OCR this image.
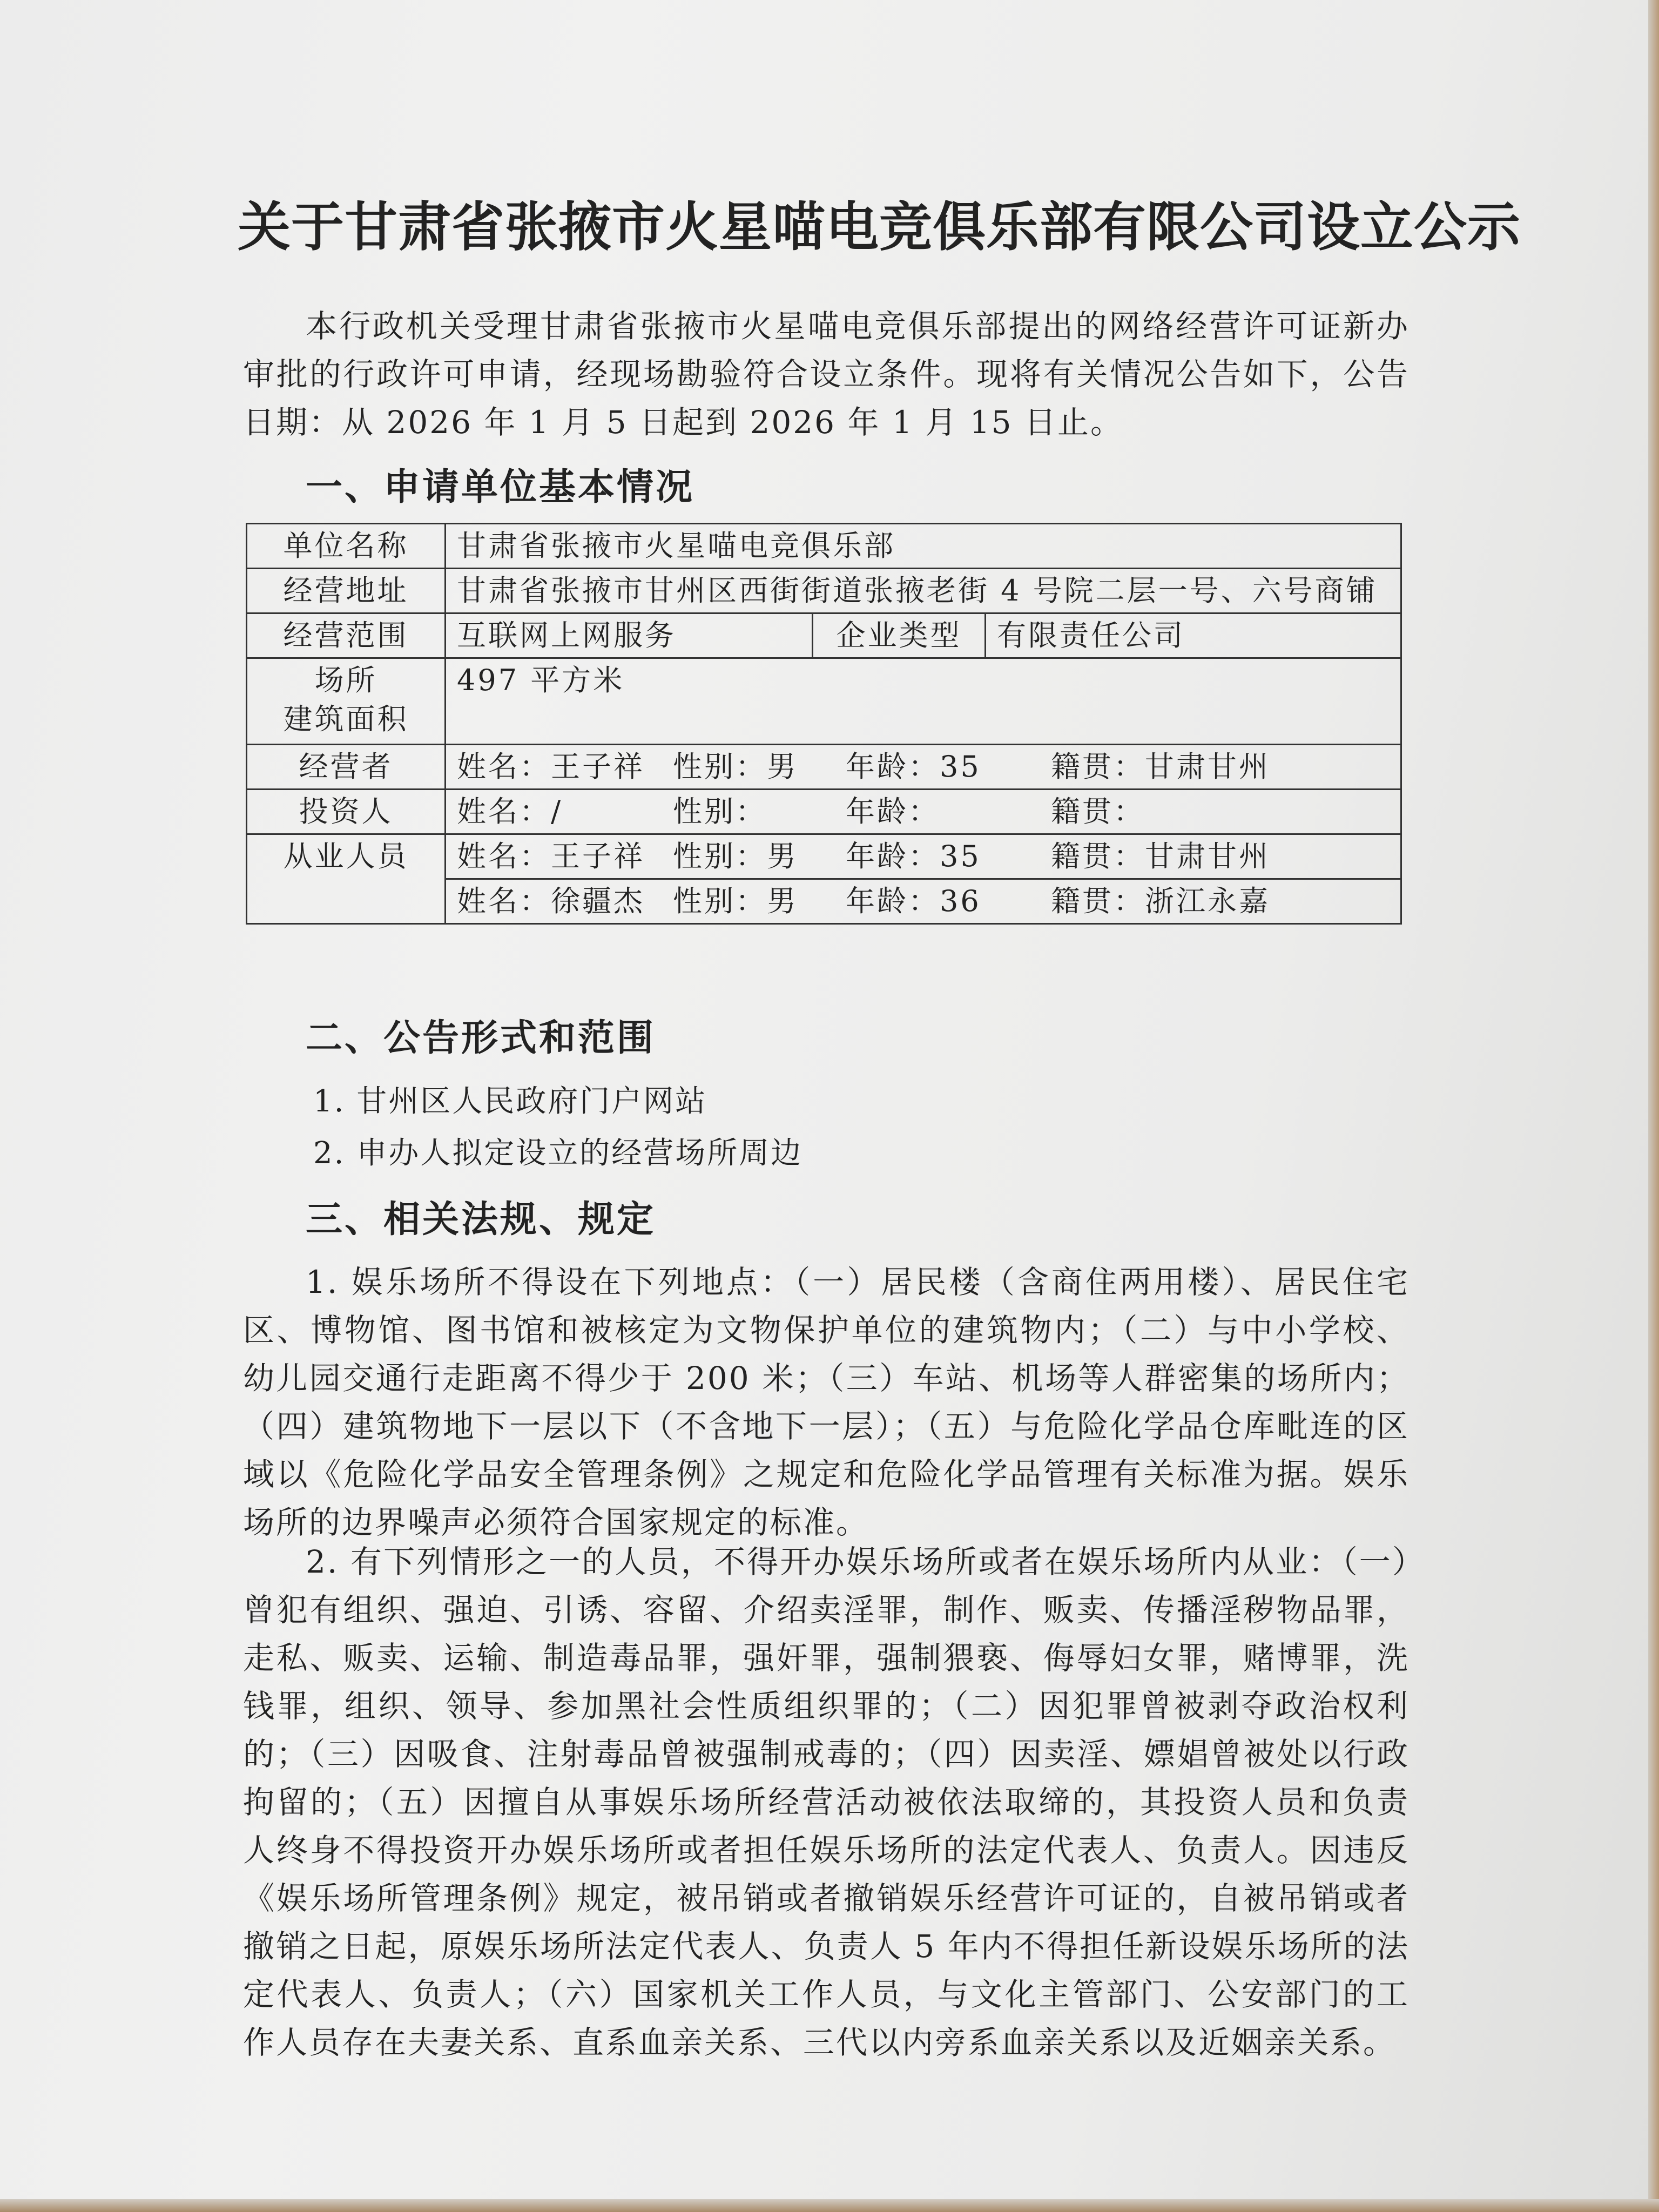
关于甘肃省张掖市火星喵电竞俱乐部有限公司设立公示
本行政机关受理甘肃省张掖市火星喵电竞俱乐部提出的网络经营许可证新办审批的行政许可申请，经现场勘验符合设立条件。现将有关情况公告如下，公告日期：从 2026 年 1 月 5 日起到 2026 年 1 月 15 日止。
一、申请单位基本情况
单位名称	甘肃省张掖市火星喵电竞俱乐部		
经营地址	甘肃省张掖市甘州区西街街道张掖老街 4 号院二层一号、六号商铺		
经营范围	互联网上网服务	企业类型	有限责任公司

场所
建筑面积	497 平方米		
经营者	姓名：王子祥 性别：男 年龄：35 籍贯：甘肃甘州		
投资人	姓名：/ 性别： 年龄： 籍贯：		
从业人员	姓名：王子祥 性别：男 年龄：35 籍贯：甘肃甘州		
	姓名：徐疆杰 性别：男 年龄：36 籍贯：浙江永嘉		
二、公告形式和范围
1. 甘州区人民政府门户网站
2. 申办人拟定设立的经营场所周边
三、相关法规、规定
1. 娱乐场所不得设在下列地点：（一）居民楼（含商住两用楼）、居民住宅区、博物馆、图书馆和被核定为文物保护单位的建筑物内；（二）与中小学校、幼儿园交通行走距离不得少于 200 米；（三）车站、机场等人群密集的场所内；（四）建筑物地下一层以下（不含地下一层）；（五）与危险化学品仓库毗连的区域以《危险化学品安全管理条例》之规定和危险化学品管理有关标准为据。娱乐场所的边界噪声必须符合国家规定的标准。
2. 有下列情形之一的人员，不得开办娱乐场所或者在娱乐场所内从业：（一）曾犯有组织、强迫、引诱、容留、介绍卖淫罪，制作、贩卖、传播淫秽物品罪，走私、贩卖、运输、制造毒品罪，强奸罪，强制猥亵、侮辱妇女罪，赌博罪，洗钱罪，组织、领导、参加黑社会性质组织罪的；（二）因犯罪曾被剥夺政治权利的；（三）因吸食、注射毒品曾被强制戒毒的；（四）因卖淫、嫖娼曾被处以行政拘留的；（五）因擅自从事娱乐场所经营活动被依法取缔的，其投资人员和负责人终身不得投资开办娱乐场所或者担任娱乐场所的法定代表人、负责人。因违反《娱乐场所管理条例》规定，被吊销或者撤销娱乐经营许可证的，自被吊销或者撤销之日起，原娱乐场所法定代表人、负责人 5 年内不得担任新设娱乐场所的法定代表人、负责人；（六）国家机关工作人员，与文化主管部门、公安部门的工作人员存在夫妻关系、直系血亲关系、三代以内旁系血亲关系以及近姻亲关系。
